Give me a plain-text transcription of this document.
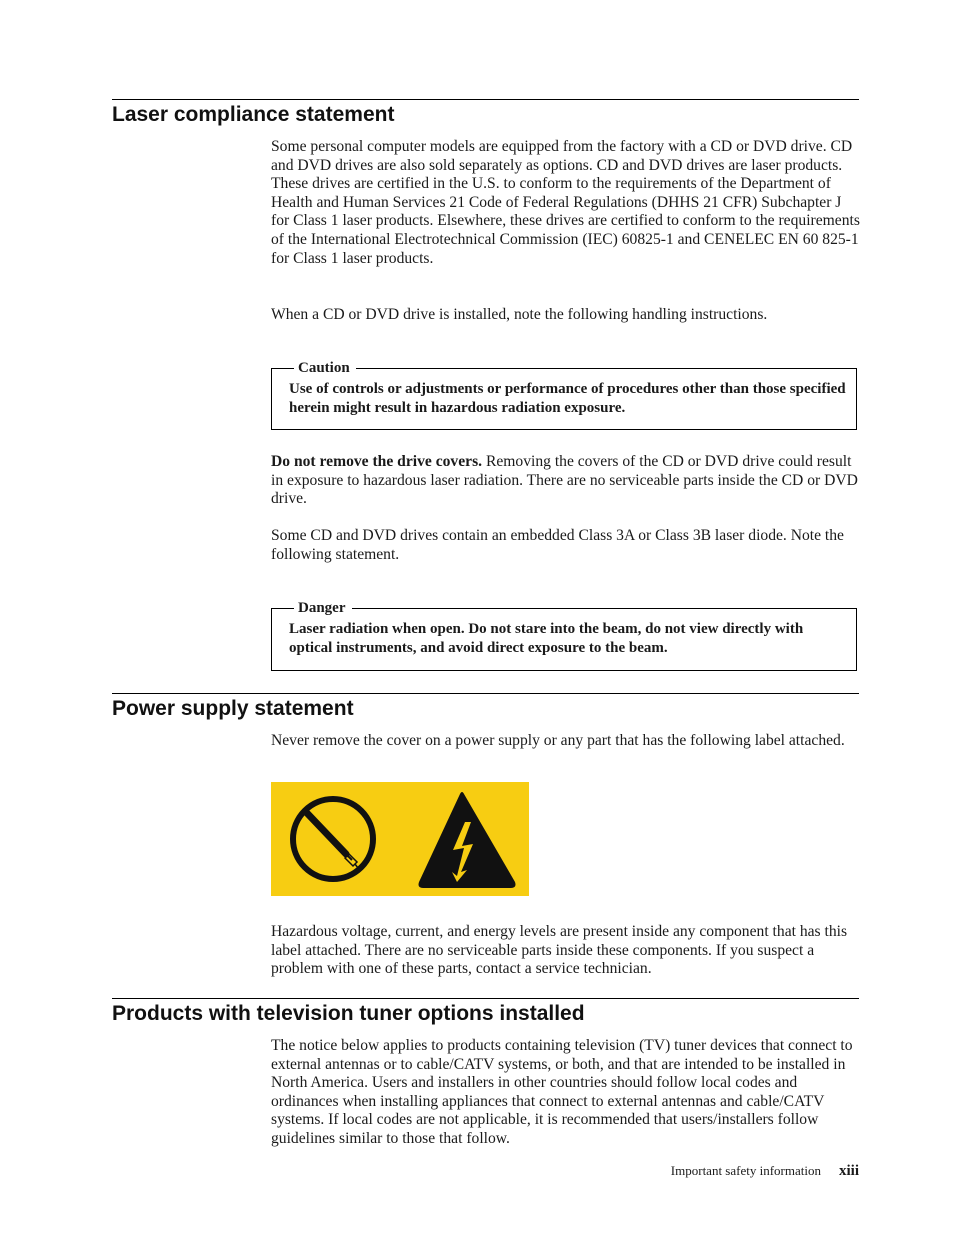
Laser compliance statement

Some personal computer models are equipped from the factory with a CD or DVD drive. CD and DVD drives are also sold separately as options. CD and DVD drives are laser products. These drives are certified in the U.S. to conform to the requirements of the Department of Health and Human Services 21 Code of Federal Regulations (DHHS 21 CFR) Subchapter J for Class 1 laser products. Elsewhere, these drives are certified to conform to the requirements of the International Electrotechnical Commission (IEC) 60825-1 and CENELEC EN 60 825-1 for Class 1 laser products.

When a CD or DVD drive is installed, note the following handling instructions.

Caution

Use of controls or adjustments or performance of procedures other than those specified herein might result in hazardous radiation exposure.

Do not remove the drive covers. Removing the covers of the CD or DVD drive could result in exposure to hazardous laser radiation. There are no serviceable parts inside the CD or DVD drive.

Some CD and DVD drives contain an embedded Class 3A or Class 3B laser diode. Note the following statement.

Danger

Laser radiation when open. Do not stare into the beam, do not view directly with optical instruments, and avoid direct exposure to the beam.

Power supply statement

Never remove the cover on a power supply or any part that has the following label attached.

Hazardous voltage, current, and energy levels are present inside any component that has this label attached. There are no serviceable parts inside these components. If you suspect a problem with one of these parts, contact a service technician.

Products with television tuner options installed

The notice below applies to products containing television (TV) tuner devices that connect to external antennas or to cable/CATV systems, or both, and that are intended to be installed in North America. Users and installers in other countries should follow local codes and ordinances when installing appliances that connect to external antennas and cable/CATV systems. If local codes are not applicable, it is recommended that users/installers follow guidelines similar to those that follow.

Important safety information xiii
